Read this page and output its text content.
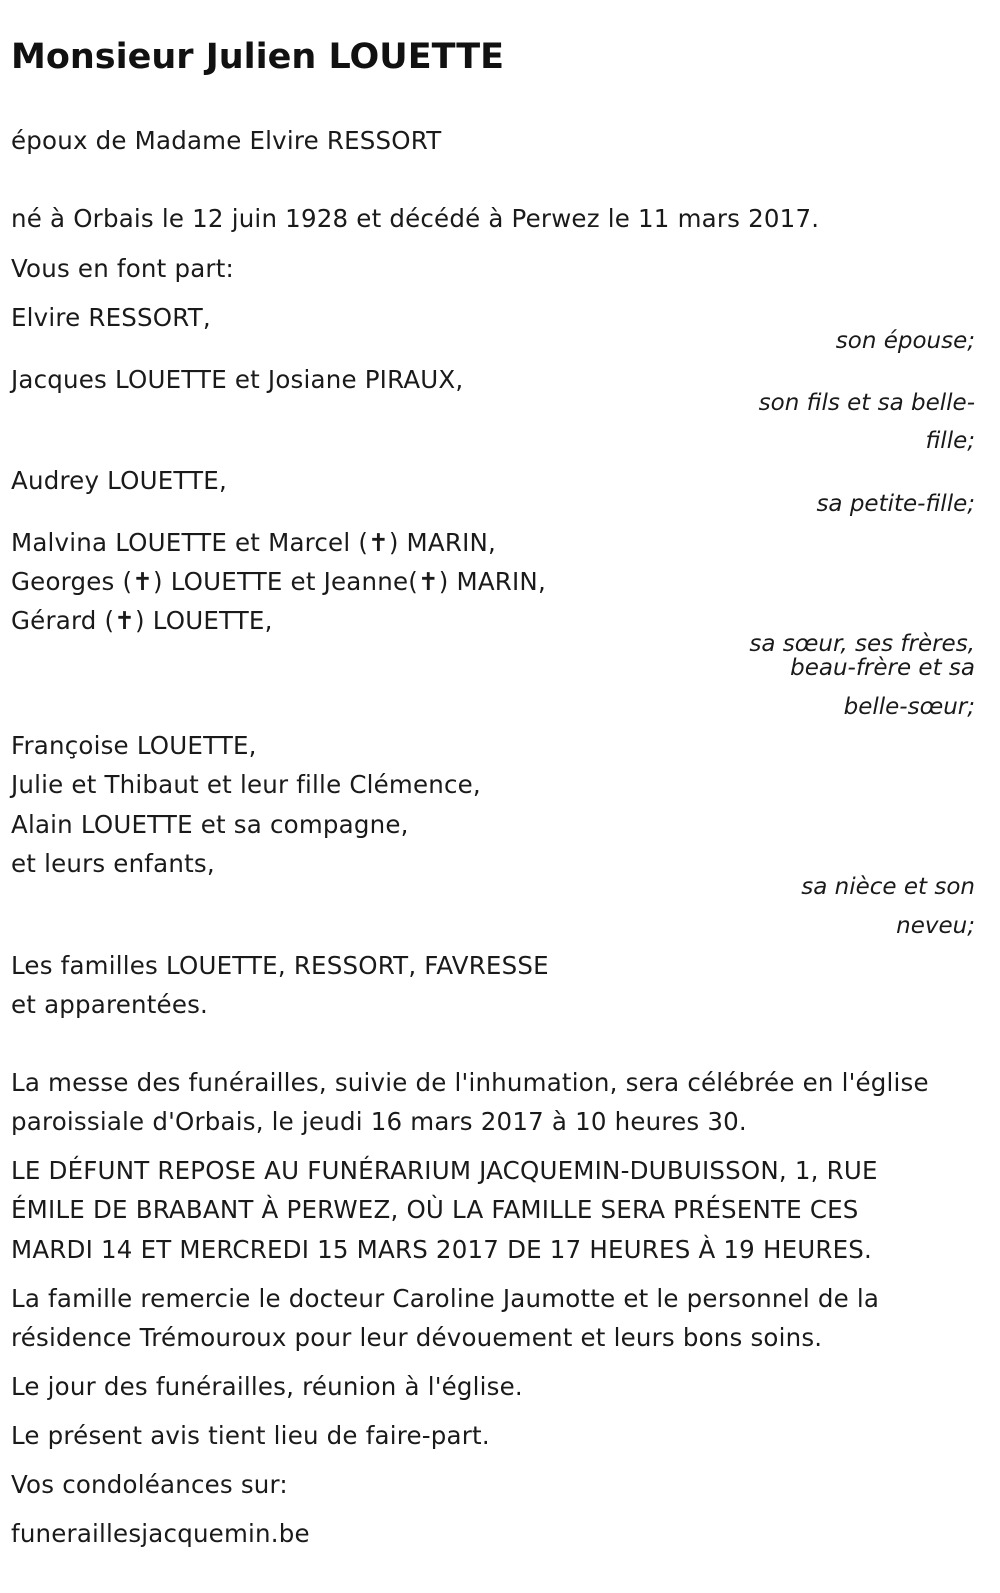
Monsieur Julien LOUETTE
époux de Madame Elvire RESSORT
né à Orbais le 12 juin 1928 et décédé à Perwez le 11 mars 2017.
Vous en font part:
Elvire RESSORT,
son épouse;
Jacques LOUETTE et Josiane PIRAUX,
son fils et sa belle-
fille;
Audrey LOUETTE,
sa petite-fille;
Malvina LOUETTE et Marcel (✝) MARIN,
Georges (✝) LOUETTE et Jeanne(✝) MARIN,
Gérard (✝) LOUETTE,
sa sœur, ses frères,
beau-frère et sa
belle-sœur;
Françoise LOUETTE,
Julie et Thibaut et leur fille Clémence,
Alain LOUETTE et sa compagne,
et leurs enfants,
sa nièce et son
neveu;
Les familles LOUETTE, RESSORT, FAVRESSE
et apparentées.
La messe des funérailles, suivie de l'inhumation, sera célébrée en l'église
paroissiale d'Orbais, le jeudi 16 mars 2017 à 10 heures 30.
LE DÉFUNT REPOSE AU FUNÉRARIUM JACQUEMIN-DUBUISSON, 1, RUE
ÉMILE DE BRABANT À PERWEZ, OÙ LA FAMILLE SERA PRÉSENTE CES
MARDI 14 ET MERCREDI 15 MARS 2017 DE 17 HEURES À 19 HEURES.
La famille remercie le docteur Caroline Jaumotte et le personnel de la
résidence Trémouroux pour leur dévouement et leurs bons soins.
Le jour des funérailles, réunion à l'église.
Le présent avis tient lieu de faire-part.
Vos condoléances sur:
funeraillesjacquemin.be
